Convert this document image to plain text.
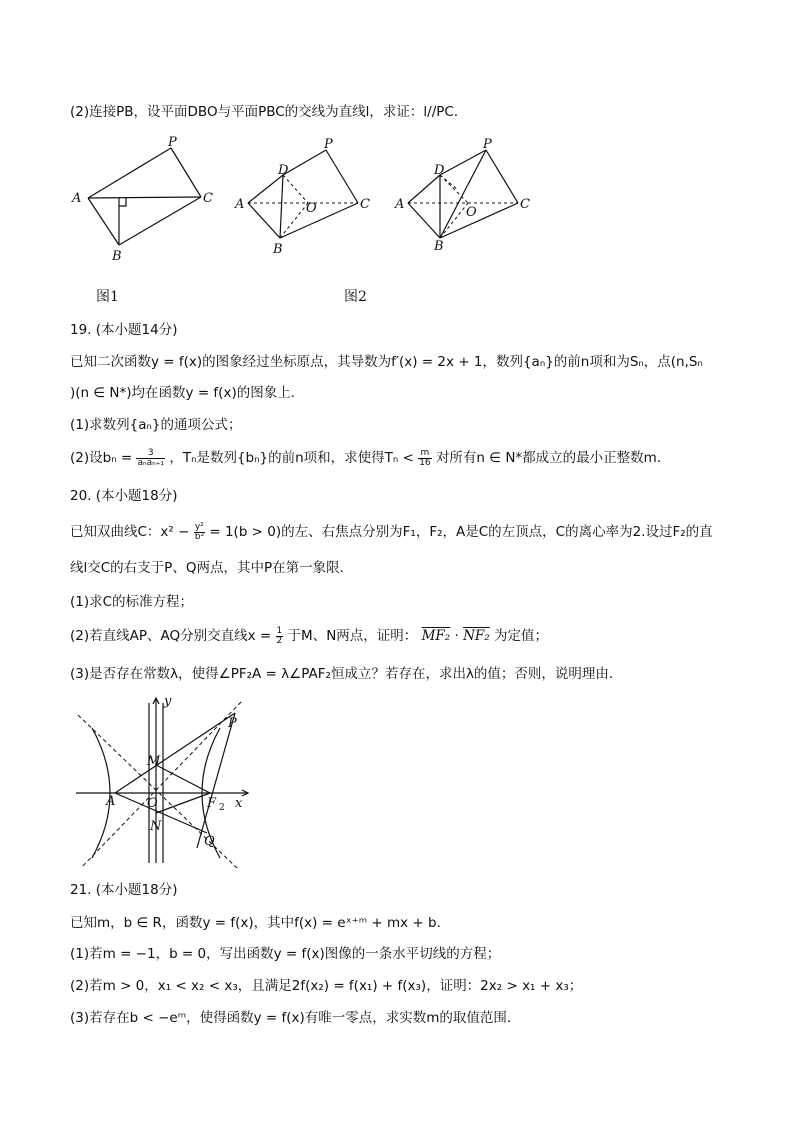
(2)连接PB，设平面DBO与平面PBC的交线为直线l，求证：l//PC．
P
A	C
B
图1
P
D
A	O	C
B
P
D
A
O
C
B
图2
19. (本小题14分)
已知二次函数y = f(x)的图象经过坐标原点，其导数为f′(x) = 2x + 1，数列{aₙ}的前n项和为Sₙ，点(n,Sₙ
)(n ∈ N*)均在函数y = f(x)的图象上．
(1)求数列{aₙ}的通项公式；
(2)设$b_n = \frac{3}{\text{aₙaₙ₊₁}}$ ，Tₙ是数列{bₙ}的前n项和，求使得$T_n < \frac{m}{16}$ 对所有n ∈ N*都成立的最小正整数m．
20. (本小题18分)
已知双曲线C：$x^2 - \frac{\text{y²}}{\text{b²}} = 1(b > 0)$的左、右焦点分别为F₁，F₂，A是C的左顶点，C的离心率为2.设过F₂的直
线l交C的右支于P、Q两点，其中P在第一象限．
(1)求C的标准方程；
(2)若直线AP、AQ分别交直线$x = \frac{1}{2}$ 于M、N两点，证明： MF₂ · NF₂ 为定值；
(3)是否存在常数λ，使得∠PF₂A = λ∠PAF₂恒成立？若存在，求出λ的值；否则，说明理由．
y
x
P
M
A O	F 2
N
Q
21. (本小题18分)
已知m，b ∈ R，函数y = f(x)，其中f(x) = eˣ⁺ᵐ + mx + b．
(1)若m = −1，b = 0，写出函数y = f(x)图像的一条水平切线的方程；
(2)若m > 0，x₁ < x₂ < x₃，且满足2f(x₂) = f(x₁) + f(x₃)，证明：2x₂ > x₁ + x₃；
(3)若存在b < −eᵐ，使得函数y = f(x)有唯一零点，求实数m的取值范围．
